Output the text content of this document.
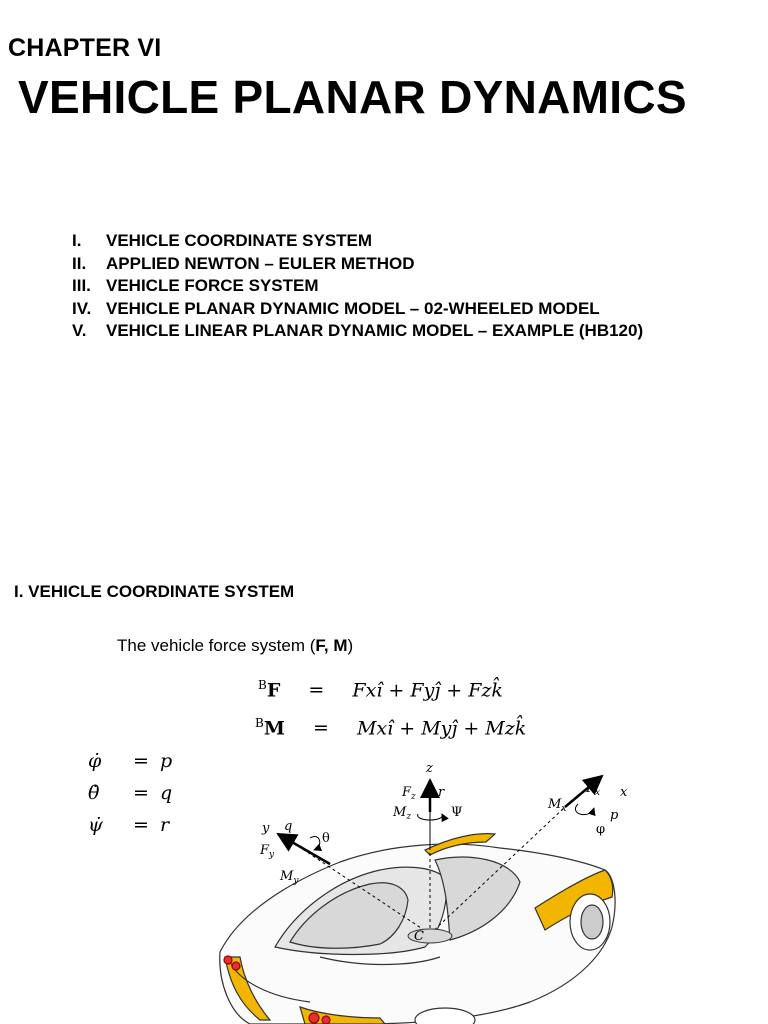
CHAPTER VI
VEHICLE PLANAR DYNAMICS
I. VEHICLE COORDINATE SYSTEM
II. APPLIED NEWTON – EULER METHOD
III. VEHICLE FORCE SYSTEM
IV. VEHICLE PLANAR DYNAMIC MODEL – 02-WHEELED MODEL
V. VEHICLE LINEAR PLANAR DYNAMIC MODEL – EXAMPLE (HB120)
I. VEHICLE COORDINATE SYSTEM
The vehicle force system (F, M)
$^B$F = Fxî + Fyĵ + Fzk̂
$^B$M = Mxî + Myĵ + Mzk̂
φ̇ = p
θ̇ = q
ψ̇ = r
z
$F_z$ r
$M_z$	Ψ
y q
θ
$F_y$
$M_y$
$F_x$ x
$M_x$	p
φ
C
